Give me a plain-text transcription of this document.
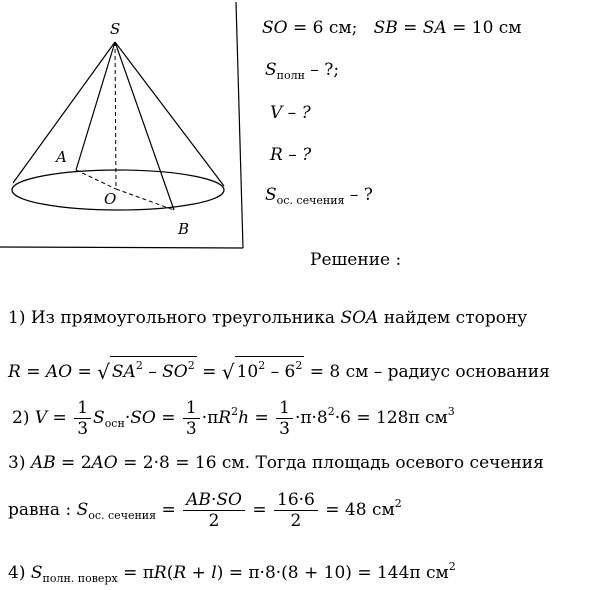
S
A
O
B
SO = 6 см;   SB = SA = 10 см
$S_{полн}$ – ?;
V – ?
R – ?
$S_{ос. сечения}$ – ?
Решение :
1) Из прямоугольного треугольника SOA найдем сторону
R = AO = √ $SA^2 - SO^2$ = √ $10^2 - 6^2 = 8$ см – радиус основания
2) $V = \frac{1}{3} S_{осн}\cdot SO = \frac{1}{3} \cdot\pi R^2h = \frac{1}{3} \cdot\pi\cdot 8^2\cdot 6 = 128\pi$ $см^3$
3) AB = 2AO = 2·8 = 16 см. Тогда площадь осевого сечения
равна : $S_{ос. сечения} = \frac{AB\cdot SO}{2} = \frac{16\cdot 6}{2} = 48$ $см^2$
4) $S_{полн. поверх} = \pi R(R + l) = \pi\cdot 8\cdot(8 + 10) = 144\pi$ $см^2$
